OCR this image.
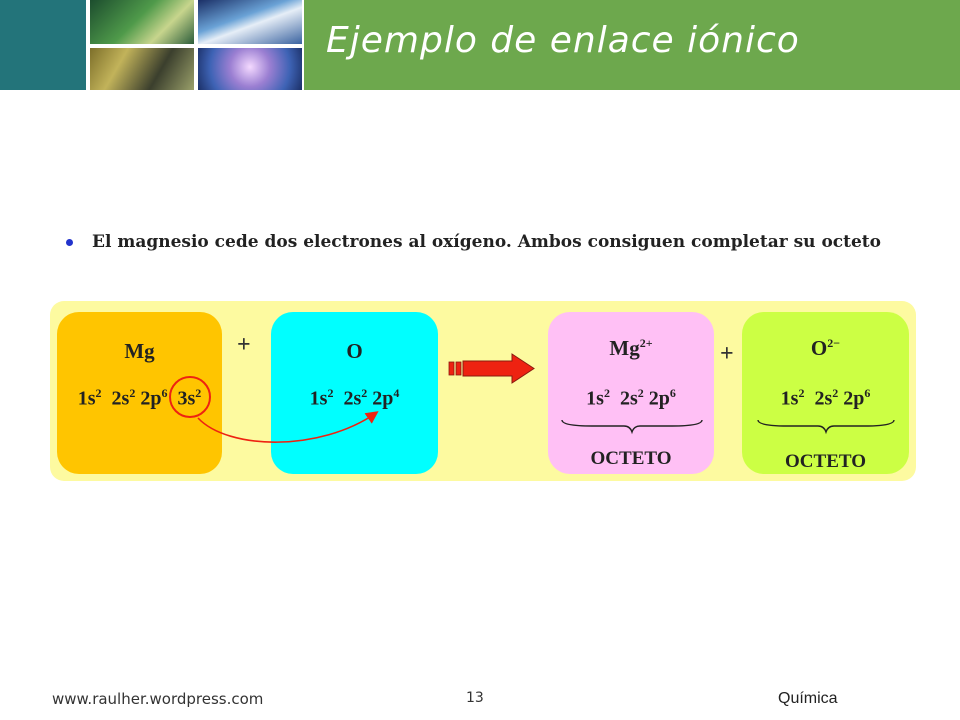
Ejemplo de enlace iónico
El magnesio cede dos electrones al oxígeno. Ambos consiguen completar su octeto
Mg
$1s^2$ $2s^2$ $2p^6$ $3s^2$
+	O
$1s^2$ $2s^2$ $2p^4$
$Mg^{2+}$
$1s^2$ $2s^2$ $2p^6$
OCTETO
+	$O^{2-}$
$1s^2$ $2s^2$ $2p^6$
OCTETO
www.raulher.wordpress.com	13	Química
